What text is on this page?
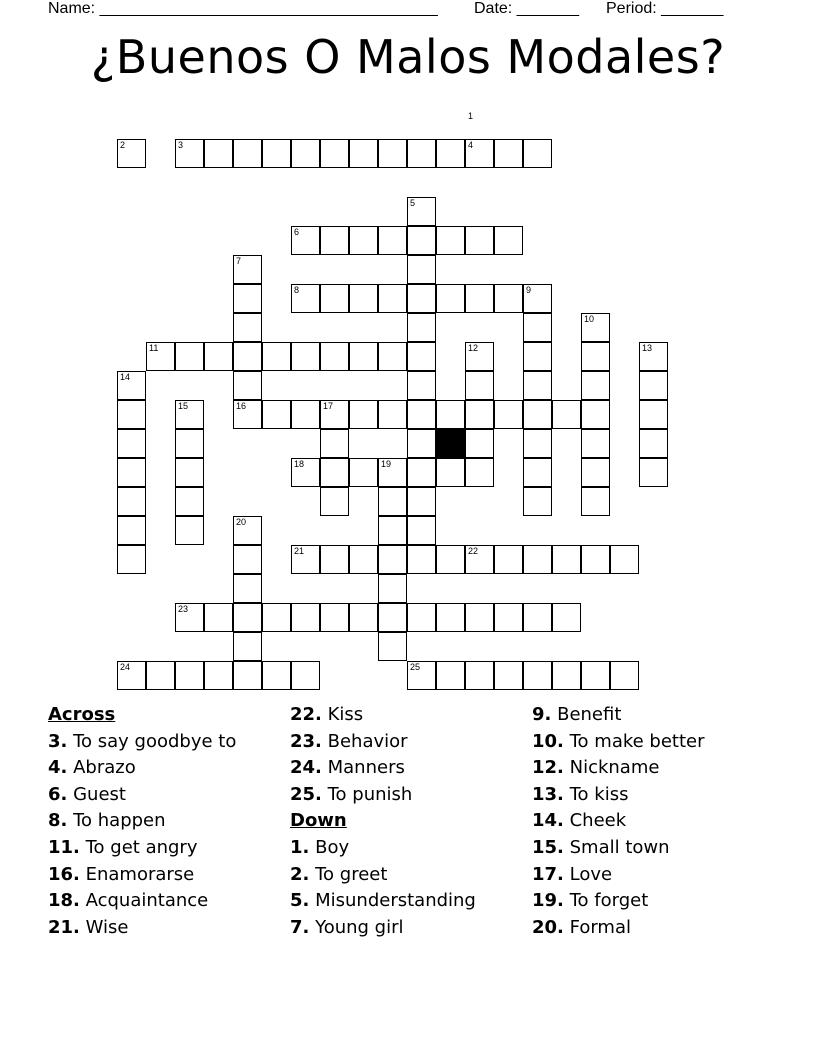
Name: ______________________________________ Date: _______ Period: _______
¿Buenos O Malos Modales?
1
2	3	4
5
6
7
8	9
10
11	12	13
14
15	16	17
18	19
20
21	22
23
24	25
Across
3. To say goodbye to
4. Abrazo
6. Guest
8. To happen
11. To get angry
16. Enamorarse
18. Acquaintance
21. Wise
22. Kiss
23. Behavior
24. Manners
25. To punish
Down
1. Boy
2. To greet
5. Misunderstanding
7. Young girl
9. Benefit
10. To make better
12. Nickname
13. To kiss
14. Cheek
15. Small town
17. Love
19. To forget
20. Formal
